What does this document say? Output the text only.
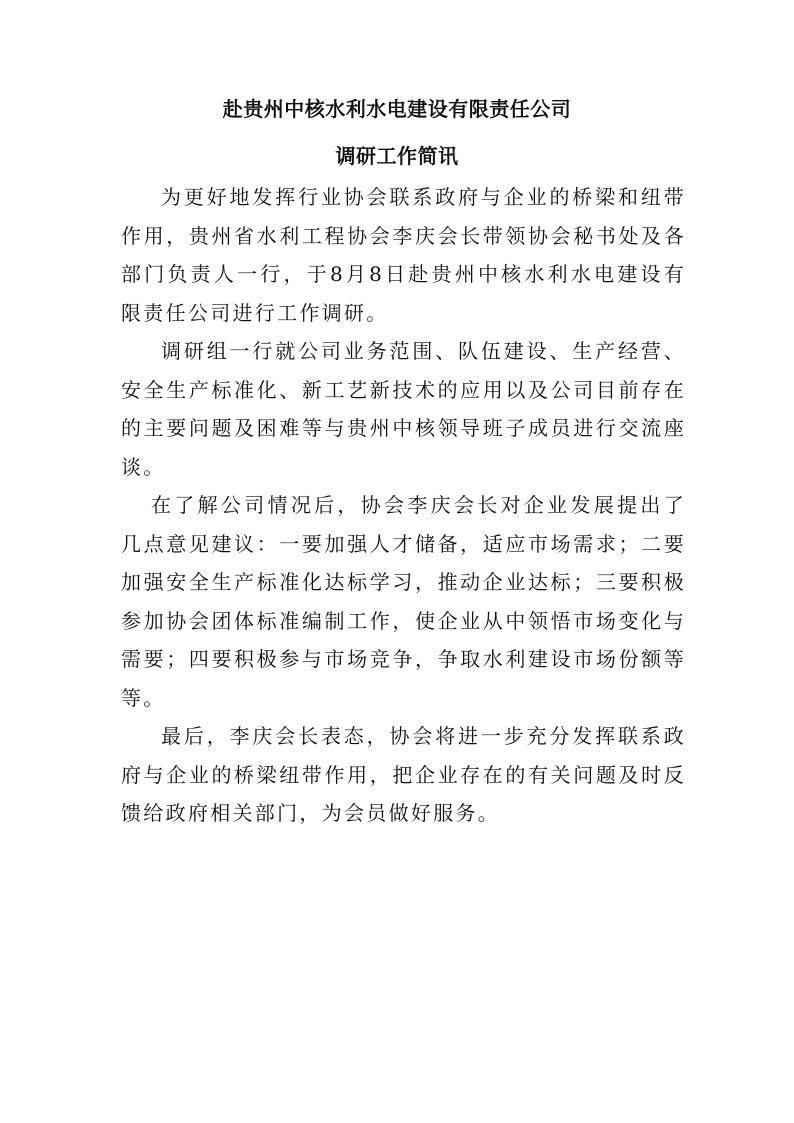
赴贵州中核水利水电建设有限责任公司
调研工作简讯

为更好地发挥行业协会联系政府与企业的桥梁和纽带作用，贵州省水利工程协会李庆会长带领协会秘书处及各部门负责人一行，于8月8日赴贵州中核水利水电建设有限责任公司进行工作调研。

调研组一行就公司业务范围、队伍建设、生产经营、安全生产标准化、新工艺新技术的应用以及公司目前存在的主要问题及困难等与贵州中核领导班子成员进行交流座谈。

在了解公司情况后，协会李庆会长对企业发展提出了几点意见建议：一要加强人才储备，适应市场需求；二要加强安全生产标准化达标学习，推动企业达标；三要积极参加协会团体标准编制工作，使企业从中领悟市场变化与需要；四要积极参与市场竞争，争取水利建设市场份额等等。

最后，李庆会长表态，协会将进一步充分发挥联系政府与企业的桥梁纽带作用，把企业存在的有关问题及时反馈给政府相关部门，为会员做好服务。
